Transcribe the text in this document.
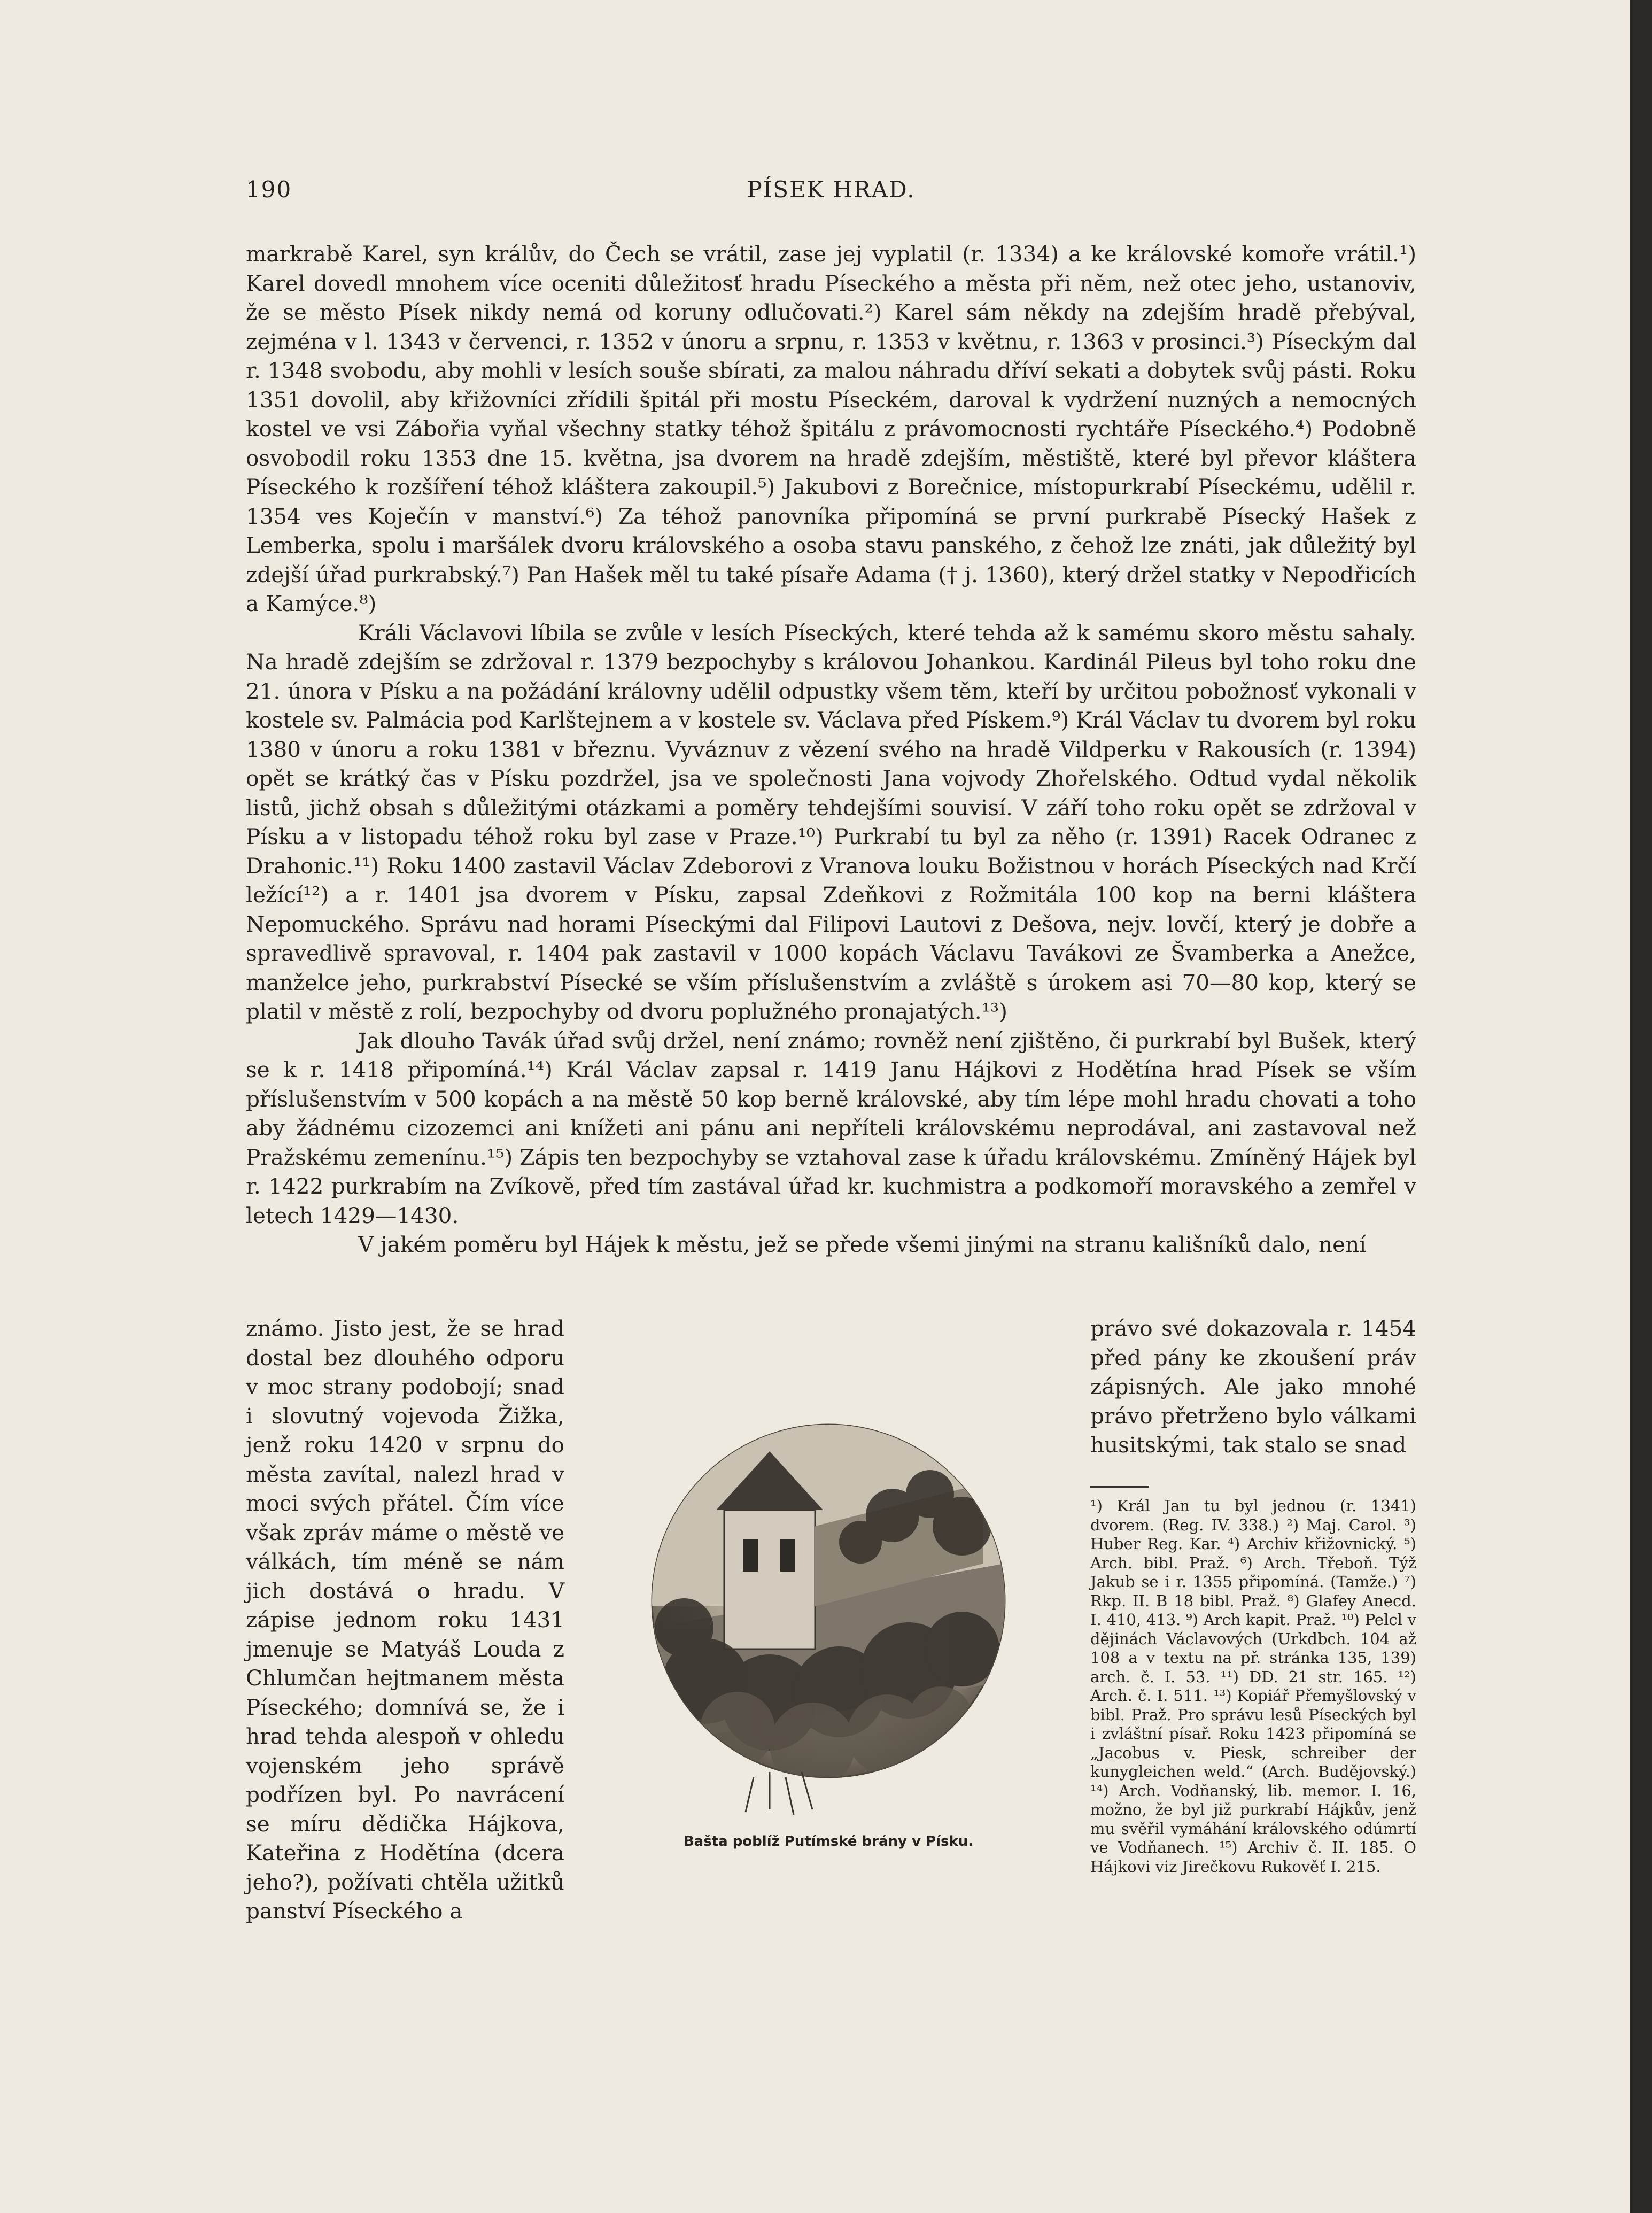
190	PÍSEK HRAD.

markrabě Karel, syn králův, do Čech se vrátil, zase jej vyplatil (r. 1334) a ke královské komoře vrátil.¹) Karel dovedl mnohem více oceniti důležitosť hradu Píseckého a města při něm, než otec jeho, ustanoviv, že se město Písek nikdy nemá od koruny odlučovati.²) Karel sám někdy na zdejším hradě přebýval, zejména v l. 1343 v červenci, r. 1352 v únoru a srpnu, r. 1353 v květnu, r. 1363 v prosinci.³) Píseckým dal r. 1348 svobodu, aby mohli v lesích souše sbírati, za malou náhradu dříví sekati a dobytek svůj pásti. Roku 1351 dovolil, aby křižovníci zřídili špitál při mostu Píseckém, daroval k vydržení nuzných a nemocných kostel ve vsi Zábořia vyňal všechny statky téhož špitálu z právomocnosti rychtáře Píseckého.⁴) Podobně osvobodil roku 1353 dne 15. května, jsa dvorem na hradě zdejším, městiště, které byl převor kláštera Píseckého k rozšíření téhož kláštera zakoupil.⁵) Jakubovi z Borečnice, místopurkrabí Píseckému, udělil r. 1354 ves Koječín v manství.⁶) Za téhož panovníka připomíná se první purkrabě Písecký Hašek z Lemberka, spolu i maršálek dvoru královského a osoba stavu panského, z čehož lze znáti, jak důležitý byl zdejší úřad purkrabský.⁷) Pan Hašek měl tu také písaře Adama († j. 1360), který držel statky v Nepodřicích a Kamýce.⁸)

Králi Václavovi líbila se zvůle v lesích Píseckých, které tehda až k samému skoro městu sahaly. Na hradě zdejším se zdržoval r. 1379 bezpochyby s královou Johankou. Kardinál Pileus byl toho roku dne 21. února v Písku a na požádání královny udělil odpustky všem těm, kteří by určitou pobožnosť vykonali v kostele sv. Palmácia pod Karlštejnem a v kostele sv. Václava před Pískem.⁹) Král Václav tu dvorem byl roku 1380 v únoru a roku 1381 v březnu. Vyváznuv z vězení svého na hradě Vildperku v Rakousích (r. 1394) opět se krátký čas v Písku pozdržel, jsa ve společnosti Jana vojvody Zhořelského. Odtud vydal několik listů, jichž obsah s důležitými otázkami a poměry tehdejšími souvisí. V září toho roku opět se zdržoval v Písku a v listopadu téhož roku byl zase v Praze.¹⁰) Purkrabí tu byl za něho (r. 1391) Racek Odranec z Drahonic.¹¹) Roku 1400 zastavil Václav Zdeborovi z Vranova louku Božistnou v horách Píseckých nad Krčí ležící¹²) a r. 1401 jsa dvorem v Písku, zapsal Zdeňkovi z Rožmitála 100 kop na berni kláštera Nepomuckého. Správu nad horami Píseckými dal Filipovi Lautovi z Dešova, nejv. lovčí, který je dobře a spravedlivě spravoval, r. 1404 pak zastavil v 1000 kopách Václavu Tavákovi ze Švamberka a Anežce, manželce jeho, purkrabství Písecké se vším příslušenstvím a zvláště s úrokem asi 70—80 kop, který se platil v městě z rolí, bezpochyby od dvoru poplužného pronajatých.¹³)

Jak dlouho Tavák úřad svůj držel, není známo; rovněž není zjištěno, či purkrabí byl Bušek, který se k r. 1418 připomíná.¹⁴) Král Václav zapsal r. 1419 Janu Hájkovi z Hodětína hrad Písek se vším příslušenstvím v 500 kopách a na městě 50 kop berně královské, aby tím lépe mohl hradu chovati a toho aby žádnému cizozemci ani knížeti ani pánu ani nepříteli královskému neprodával, ani zastavoval než Pražskému zemenínu.¹⁵) Zápis ten bezpochyby se vztahoval zase k úřadu královskému. Zmíněný Hájek byl r. 1422 purkrabím na Zvíkově, před tím zastával úřad kr. kuchmistra a podkomoří moravského a zemřel v letech 1429—1430.

V jakém poměru byl Hájek k městu, jež se přede všemi jinými na stranu kališníků dalo, není

známo. Jisto jest, že se hrad dostal bez dlouhého odporu v moc strany podobojí; snad i slovutný vojevoda Žižka, jenž roku 1420 v srpnu do města zavítal, nalezl hrad v moci svých přátel. Čím více však zpráv máme o městě ve válkách, tím méně se nám jich dostává o hradu. V zápise jednom roku 1431 jmenuje se Matyáš Louda z Chlumčan hejtmanem města Píseckého; domnívá se, že i hrad tehda alespoň v ohledu vojenském jeho správě podřízen byl. Po navrácení se míru dědička Hájkova, Kateřina z Hodětína (dcera jeho?), požívati chtěla užitků panství Píseckého a
Bašta poblíž Putímské brány v Písku.
právo své dokazovala r. 1454 před pány ke zkoušení práv zápisných. Ale jako mnohé právo přetrženo bylo válkami husitskými, tak stalo se snad
¹) Král Jan tu byl jednou (r. 1341) dvorem. (Reg. IV. 338.) ²) Maj. Carol. ³) Huber Reg. Kar. ⁴) Archiv křižovnický. ⁵) Arch. bibl. Praž. ⁶) Arch. Třeboň. Týž Jakub se i r. 1355 připomíná. (Tamže.) ⁷) Rkp. II. B 18 bibl. Praž. ⁸) Glafey Anecd. I. 410, 413. ⁹) Arch kapit. Praž. ¹⁰) Pelcl v dějinách Václavových (Urkdbch. 104 až 108 a v textu na př. stránka 135, 139) arch. č. I. 53. ¹¹) DD. 21 str. 165. ¹²) Arch. č. I. 511. ¹³) Kopiář Přemyšlovský v bibl. Praž. Pro správu lesů Píseckých byl i zvláštní písař. Roku 1423 připomíná se „Jacobus v. Piesk, schreiber der kunygleichen weld.“ (Arch. Budějovský.) ¹⁴) Arch. Vodňanský, lib. memor. I. 16, možno, že byl již purkrabí Hájkův, jenž mu svěřil vymáhání královského odúmrtí ve Vodňanech. ¹⁵) Archiv č. II. 185. O Hájkovi viz Jirečkovu Rukověť I. 215.
